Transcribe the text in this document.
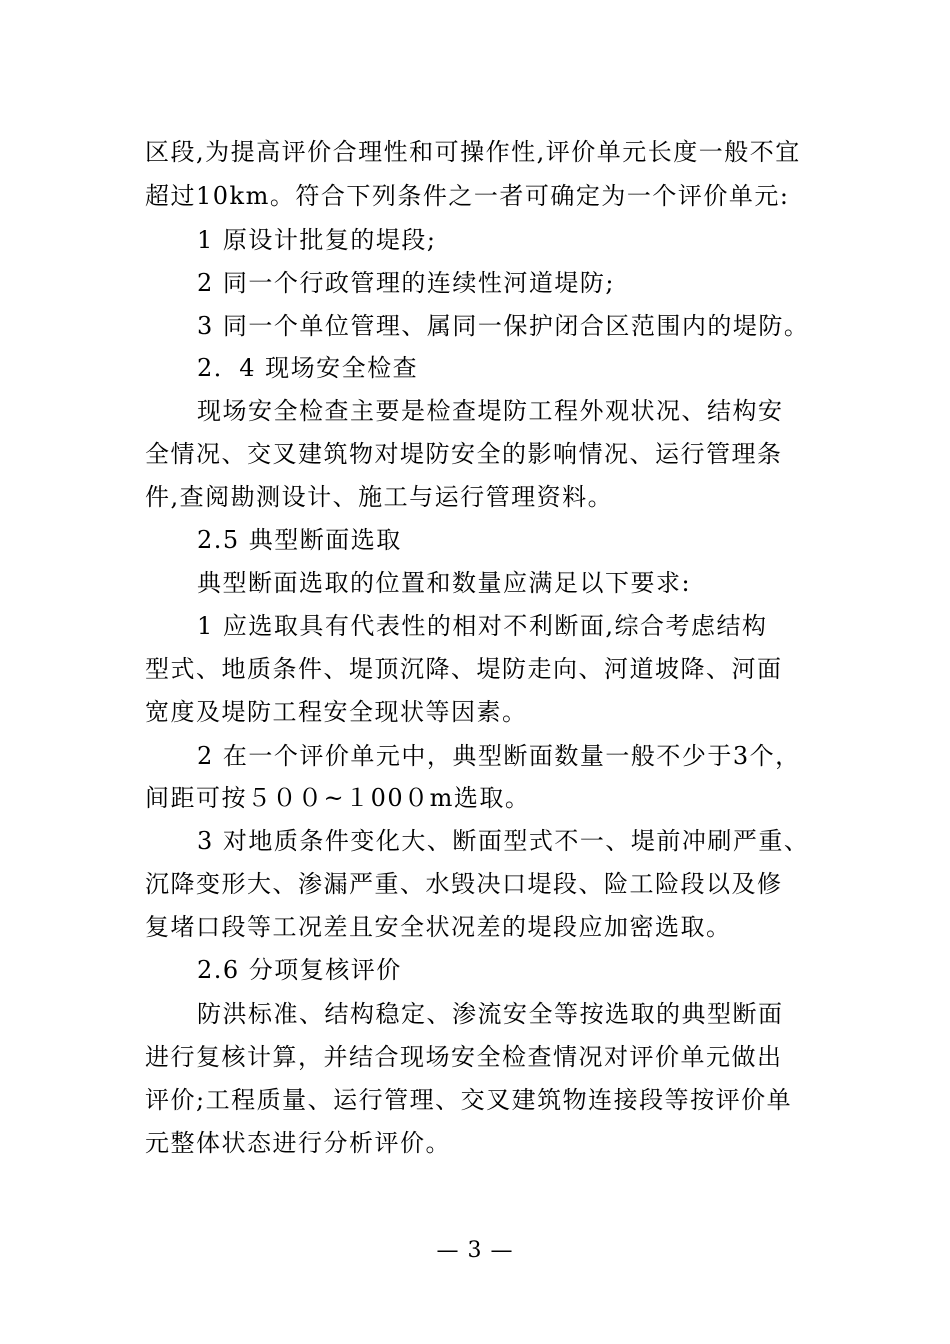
区段,为提高评价合理性和可操作性,评价单元长度一般不宜
超过10km。符合下列条件之一者可确定为一个评价单元:
1 原设计批复的堤段;
2 同一个行政管理的连续性河道堤防;
3 同一个单位管理、属同一保护闭合区范围内的堤防。
2．4 现场安全检查
现场安全检查主要是检查堤防工程外观状况、结构安
全情况、交叉建筑物对堤防安全的影响情况、运行管理条
件,查阅勘测设计、施工与运行管理资料。
2.5 典型断面选取
典型断面选取的位置和数量应满足以下要求:
1 应选取具有代表性的相对不利断面,综合考虑结构
型式、地质条件、堤顶沉降、堤防走向、河道坡降、河面
宽度及堤防工程安全现状等因素。
2 在一个评价单元中，典型断面数量一般不少于3个，
间距可按５００~１00０m选取。
3 对地质条件变化大、断面型式不一、堤前冲刷严重、
沉降变形大、渗漏严重、水毁决口堤段、险工险段以及修
复堵口段等工况差且安全状况差的堤段应加密选取。
2.6 分项复核评价
防洪标准、结构稳定、渗流安全等按选取的典型断面
进行复核计算，并结合现场安全检查情况对评价单元做出
评价;工程质量、运行管理、交叉建筑物连接段等按评价单
元整体状态进行分析评价。
— 3 —
